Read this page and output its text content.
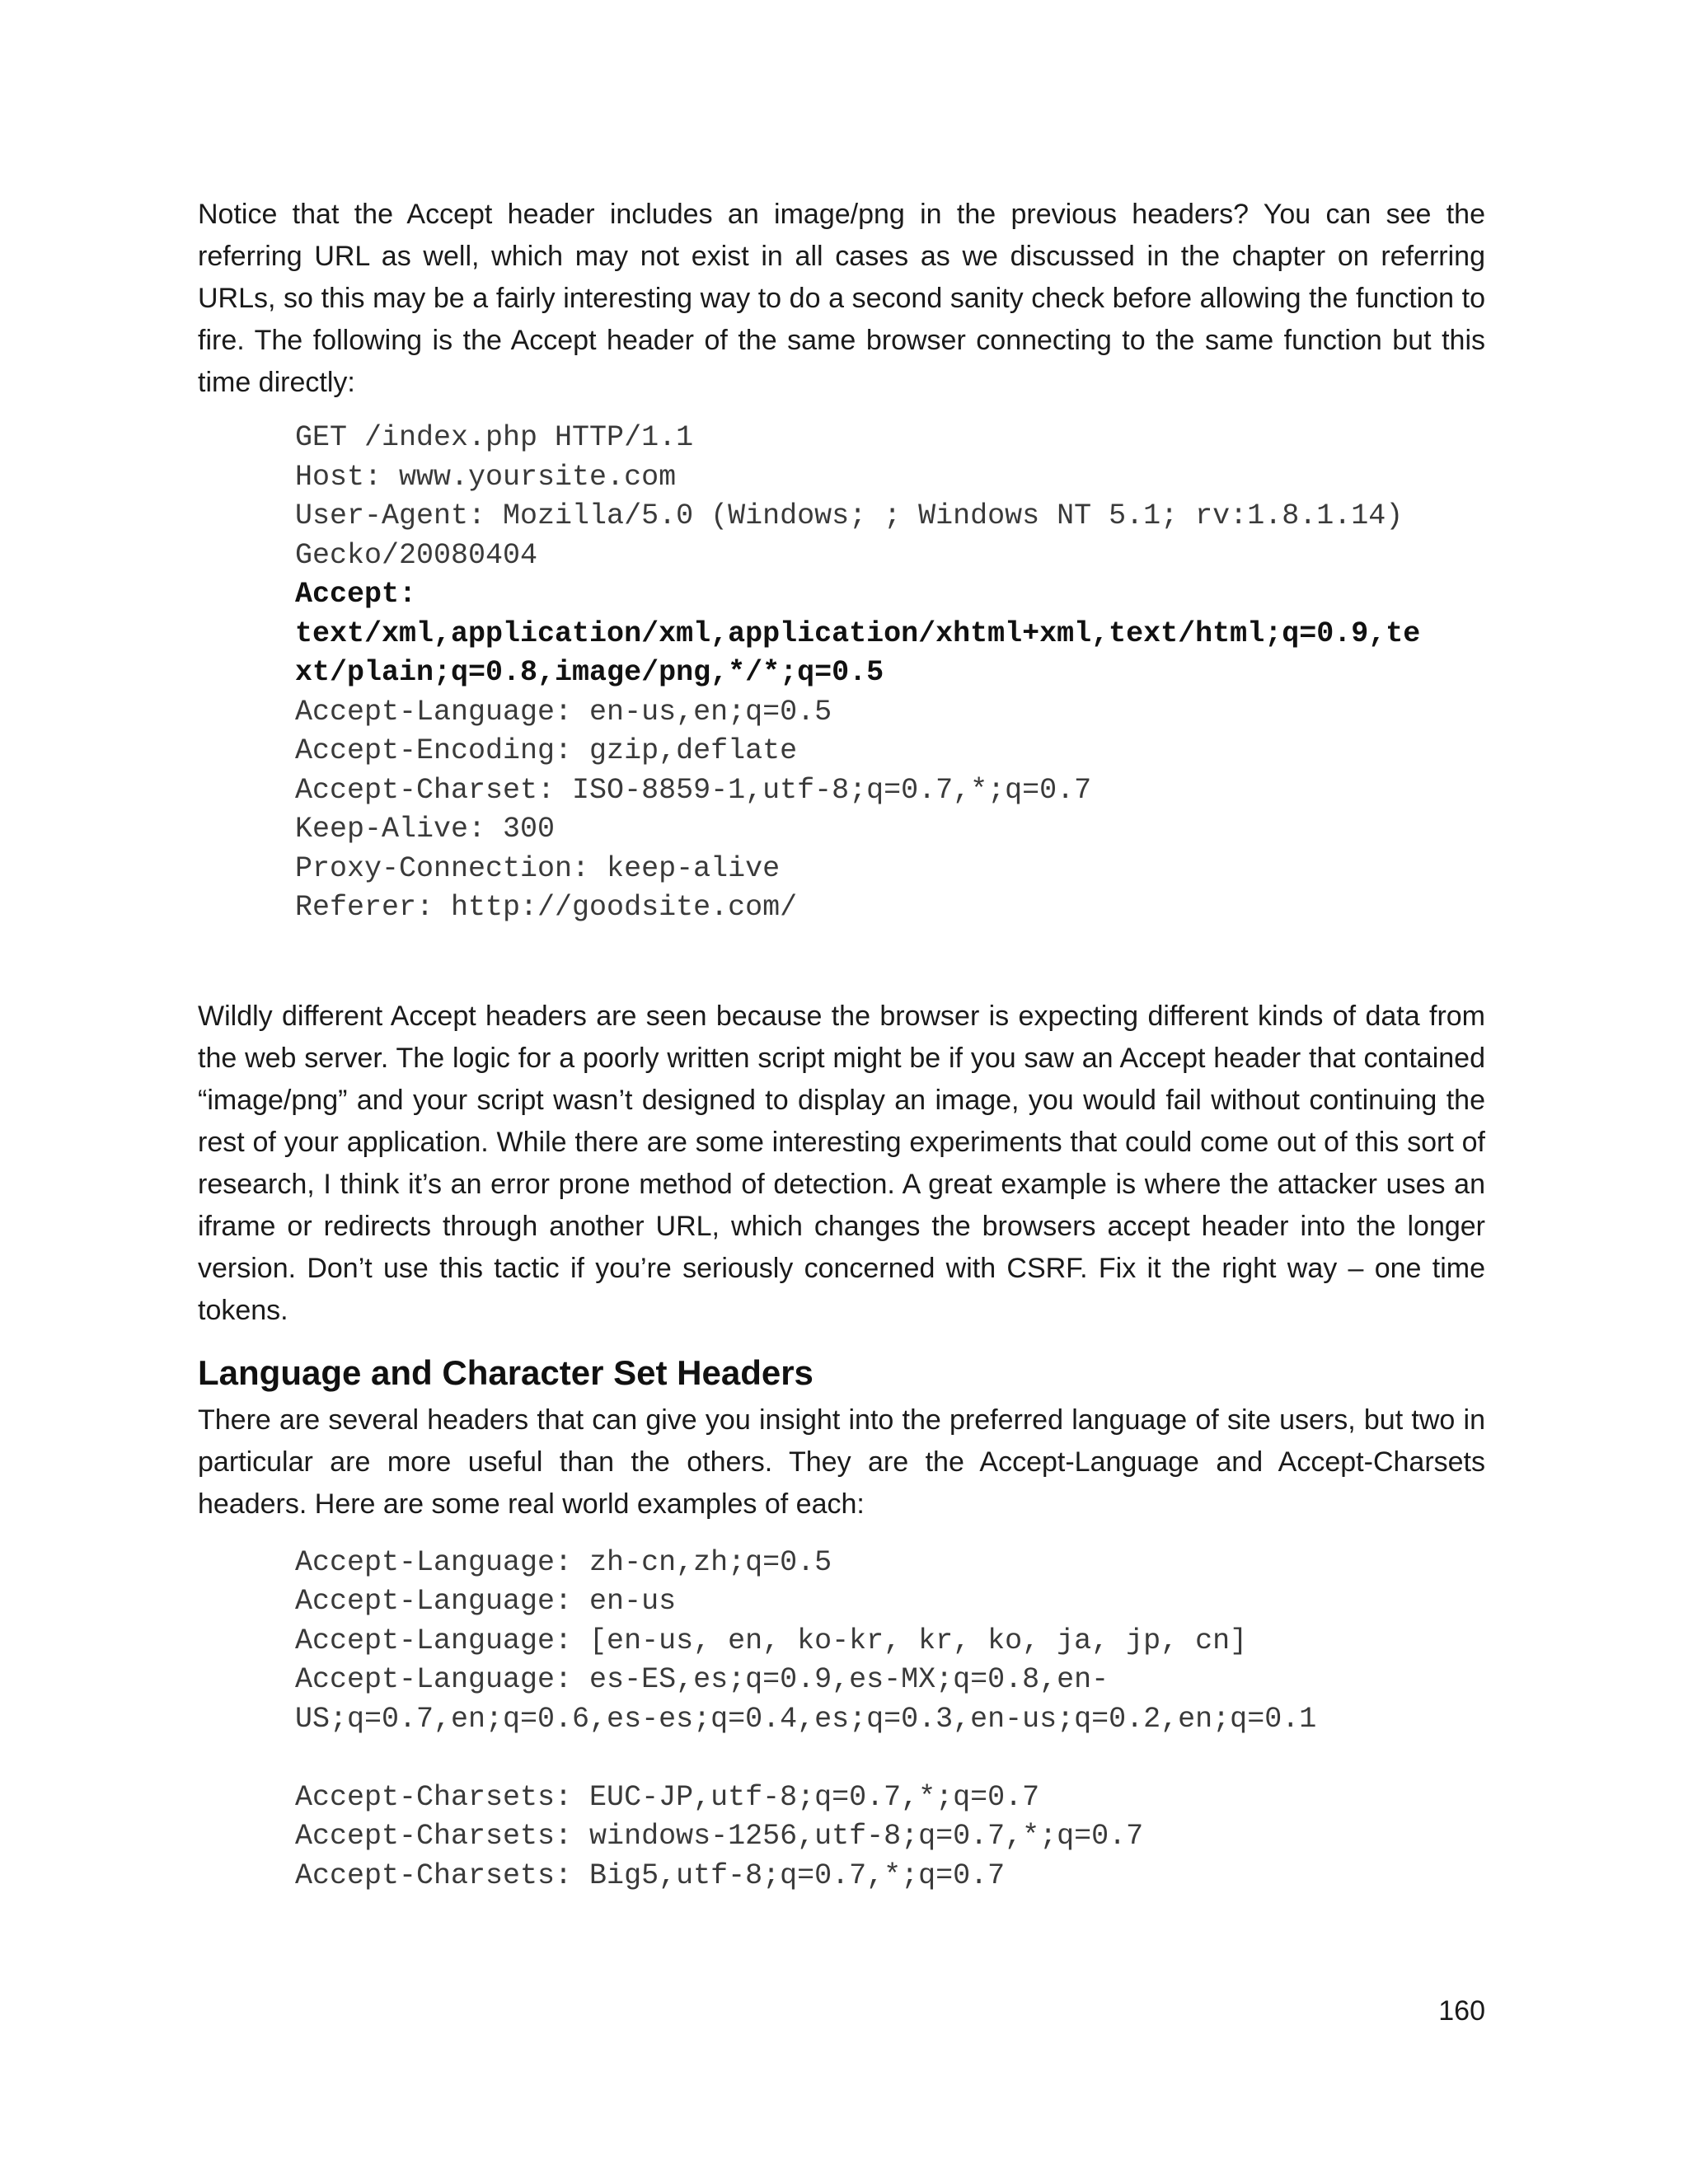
Notice that the Accept header includes an image/png in the previous headers? You can see the referring URL as well, which may not exist in all cases as we discussed in the chapter on referring URLs, so this may be a fairly interesting way to do a second sanity check before allowing the function to fire. The following is the Accept header of the same browser connecting to the same function but this time directly:

GET /index.php HTTP/1.1
Host: www.yoursite.com
User-Agent: Mozilla/5.0 (Windows; ; Windows NT 5.1; rv:1.8.1.14)
Gecko/20080404
Accept:
text/xml,application/xml,application/xhtml+xml,text/html;q=0.9,te
xt/plain;q=0.8,image/png,*/*;q=0.5
Accept-Language: en-us,en;q=0.5
Accept-Encoding: gzip,deflate
Accept-Charset: ISO-8859-1,utf-8;q=0.7,*;q=0.7
Keep-Alive: 300
Proxy-Connection: keep-alive
Referer: http://goodsite.com/

Wildly different Accept headers are seen because the browser is expecting different kinds of data from the web server. The logic for a poorly written script might be if you saw an Accept header that contained “image/png” and your script wasn’t designed to display an image, you would fail without continuing the rest of your application. While there are some interesting experiments that could come out of this sort of research, I think it’s an error prone method of detection. A great example is where the attacker uses an iframe or redirects through another URL, which changes the browsers accept header into the longer version. Don’t use this tactic if you’re seriously concerned with CSRF. Fix it the right way – one time tokens.

Language and Character Set Headers

There are several headers that can give you insight into the preferred language of site users, but two in particular are more useful than the others. They are the Accept-Language and Accept-Charsets headers. Here are some real world examples of each:

Accept-Language: zh-cn,zh;q=0.5
Accept-Language: en-us
Accept-Language: [en-us, en, ko-kr, kr, ko, ja, jp, cn]
Accept-Language: es-ES,es;q=0.9,es-MX;q=0.8,en-
US;q=0.7,en;q=0.6,es-es;q=0.4,es;q=0.3,en-us;q=0.2,en;q=0.1
Accept-Charsets: EUC-JP,utf-8;q=0.7,*;q=0.7
Accept-Charsets: windows-1256,utf-8;q=0.7,*;q=0.7
Accept-Charsets: Big5,utf-8;q=0.7,*;q=0.7
160
